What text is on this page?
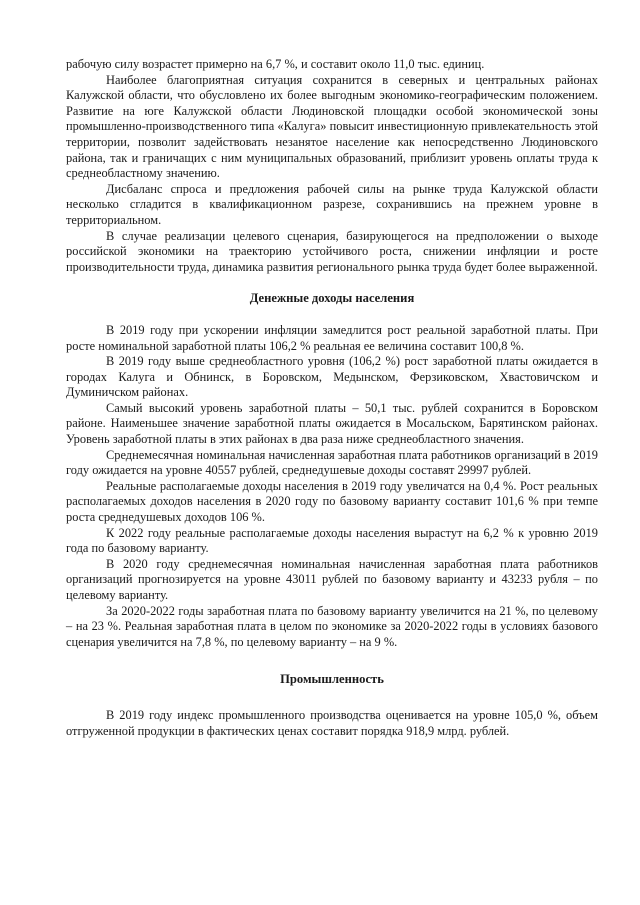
рабочую силу возрастет примерно на 6,7 %, и составит около 11,0 тыс. единиц.

Наиболее благоприятная ситуация сохранится в северных и центральных районах Калужской области, что обусловлено их более выгодным экономико-географическим положением. Развитие на юге Калужской области Людиновской площадки особой экономической зоны промышленно-производственного типа «Калуга» повысит инвестиционную привлекательность этой территории, позволит задействовать незанятое население как непосредственно Людиновского района, так и граничащих с ним муниципальных образований, приблизит уровень оплаты труда к среднеобластному значению.

Дисбаланс спроса и предложения рабочей силы на рынке труда Калужской области несколько сгладится в квалификационном разрезе, сохранившись на прежнем уровне в территориальном.

В случае реализации целевого сценария, базирующегося на предположении о выходе российской экономики на траекторию устойчивого роста, снижении инфляции и росте производительности труда, динамика развития регионального рынка труда будет более выраженной.

Денежные доходы населения

В 2019 году при ускорении инфляции замедлится рост реальной заработной платы. При росте номинальной заработной платы 106,2 % реальная ее величина составит 100,8 %.

В 2019 году выше среднеобластного уровня (106,2 %) рост заработной платы ожидается в городах Калуга и Обнинск, в Боровском, Медынском, Ферзиковском, Хвастовичском и Думиничском районах.

Самый высокий уровень заработной платы – 50,1 тыс. рублей сохранится в Боровском районе. Наименьшее значение заработной платы ожидается в Мосальском, Барятинском районах. Уровень заработной платы в этих районах в два раза ниже среднеобластного значения.

Среднемесячная номинальная начисленная заработная плата работников организаций в 2019 году ожидается на уровне 40557 рублей, среднедушевые доходы составят 29997 рублей.

Реальные располагаемые доходы населения в 2019 году увеличатся на 0,4 %. Рост реальных располагаемых доходов населения в 2020 году по базовому варианту составит 101,6 % при темпе роста среднедушевых доходов 106 %.

К 2022 году реальные располагаемые доходы населения вырастут на 6,2 % к уровню 2019 года по базовому варианту.

В 2020 году среднемесячная номинальная начисленная заработная плата работников организаций прогнозируется на уровне 43011 рублей по базовому варианту и 43233 рубля – по целевому варианту.

За 2020-2022 годы заработная плата по базовому варианту увеличится на 21 %, по целевому – на 23 %. Реальная заработная плата в целом по экономике за 2020-2022 годы в условиях базового сценария увеличится на 7,8 %, по целевому варианту – на 9 %.

Промышленность

В 2019 году индекс промышленного производства оценивается на уровне 105,0 %, объем отгруженной продукции в фактических ценах составит порядка 918,9 млрд. рублей.
